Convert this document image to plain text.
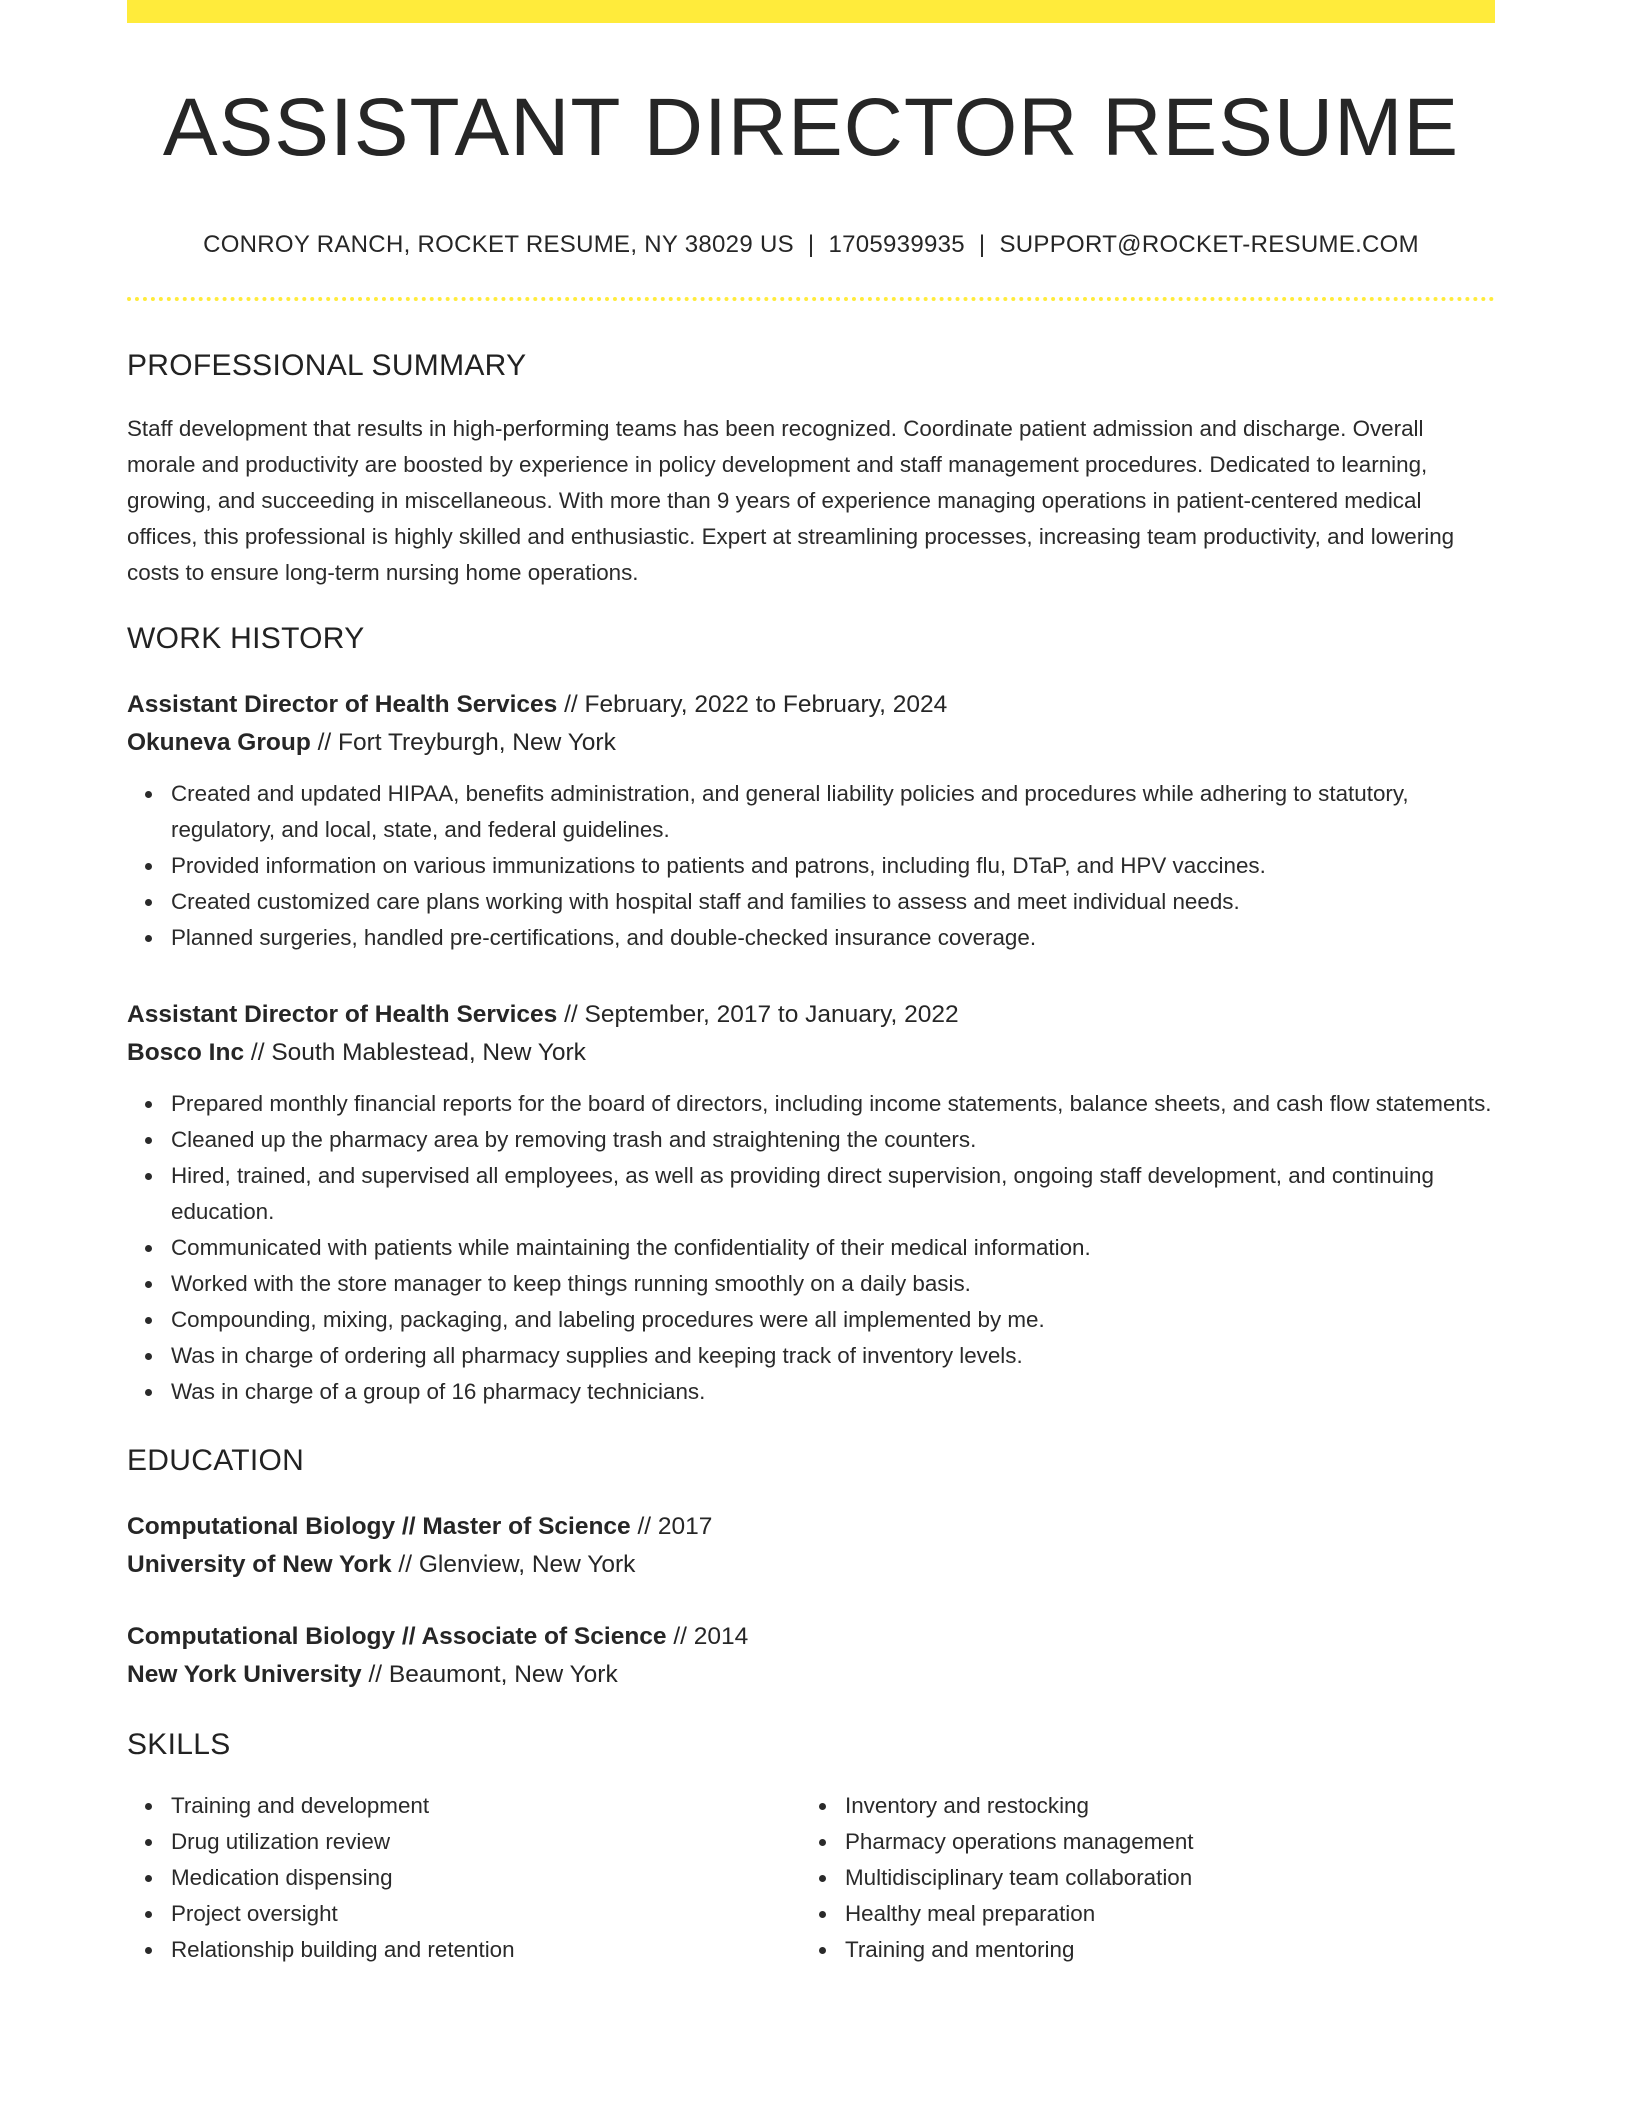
ASSISTANT DIRECTOR RESUME
CONROY RANCH, ROCKET RESUME, NY 38029 US | 1705939935 | SUPPORT@ROCKET-RESUME.COM
PROFESSIONAL SUMMARY

Staff development that results in high-performing teams has been recognized. Coordinate patient admission and discharge. Overall morale and productivity are boosted by experience in policy development and staff management procedures. Dedicated to learning, growing, and succeeding in miscellaneous. With more than 9 years of experience managing operations in patient-centered medical offices, this professional is highly skilled and enthusiastic. Expert at streamlining processes, increasing team productivity, and lowering costs to ensure long-term nursing home operations.

WORK HISTORY
Assistant Director of Health Services // February, 2022 to February, 2024
Okuneva Group // Fort Treyburgh, New York
Created and updated HIPAA, benefits administration, and general liability policies and procedures while adhering to statutory, regulatory, and local, state, and federal guidelines.
Provided information on various immunizations to patients and patrons, including flu, DTaP, and HPV vaccines.
Created customized care plans working with hospital staff and families to assess and meet individual needs.
Planned surgeries, handled pre-certifications, and double-checked insurance coverage.
Assistant Director of Health Services // September, 2017 to January, 2022
Bosco Inc // South Mablestead, New York
Prepared monthly financial reports for the board of directors, including income statements, balance sheets, and cash flow statements.
Cleaned up the pharmacy area by removing trash and straightening the counters.
Hired, trained, and supervised all employees, as well as providing direct supervision, ongoing staff development, and continuing education.
Communicated with patients while maintaining the confidentiality of their medical information.
Worked with the store manager to keep things running smoothly on a daily basis.
Compounding, mixing, packaging, and labeling procedures were all implemented by me.
Was in charge of ordering all pharmacy supplies and keeping track of inventory levels.
Was in charge of a group of 16 pharmacy technicians.
EDUCATION
Computational Biology // Master of Science // 2017
University of New York // Glenview, New York
Computational Biology // Associate of Science // 2014
New York University // Beaumont, New York
SKILLS
Training and development
Drug utilization review
Medication dispensing
Project oversight
Relationship building and retention
Inventory and restocking
Pharmacy operations management
Multidisciplinary team collaboration
Healthy meal preparation
Training and mentoring
